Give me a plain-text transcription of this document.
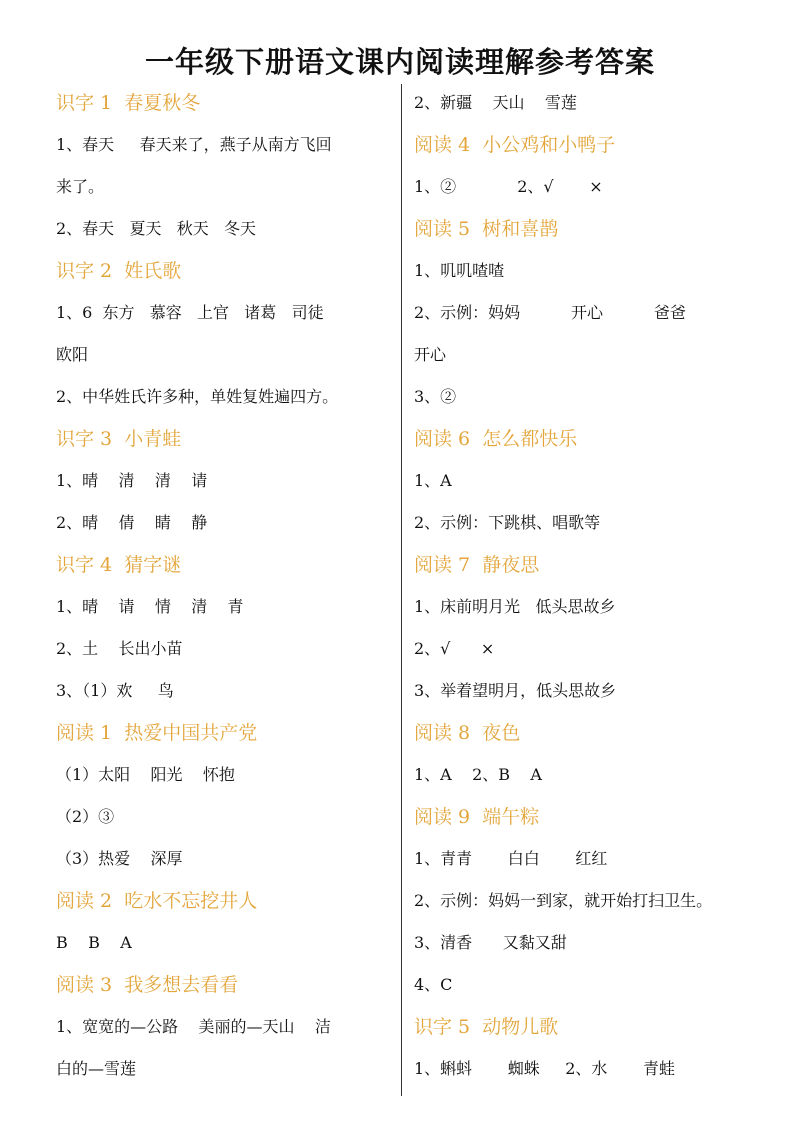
一年级下册语文课内阅读理解参考答案
识字 1  春夏秋冬
1、春天     春天来了，燕子从南方飞回
来了。
2、春天   夏天   秋天   冬天
识字 2  姓氏歌
1、6  东方   慕容   上官   诸葛   司徒
欧阳
2、中华姓氏许多种，单姓复姓遍四方。
识字 3  小青蛙
1、晴    清    清    请
2、晴    倩    睛    静
识字 4  猜字谜
1、晴    请    情    清    青
2、土    长出小苗
3、（1）欢     鸟
阅读 1  热爱中国共产党
（1）太阳    阳光    怀抱
（2）③
（3）热爱    深厚
阅读 2  吃水不忘挖井人
B    B    A
阅读 3  我多想去看看
1、宽宽的—公路    美丽的—天山    洁
白的—雪莲
2、新疆    天山    雪莲
阅读 4  小公鸡和小鸭子
1、②            2、√       ×
阅读 5  树和喜鹊
1、叽叽喳喳
2、示例：妈妈          开心          爸爸
开心
3、②
阅读 6  怎么都快乐
1、A
2、示例：下跳棋、唱歌等
阅读 7  静夜思
1、床前明月光   低头思故乡
2、√      ×
3、举着望明月，低头思故乡
阅读 8  夜色
1、A    2、B    A
阅读 9  端午粽
1、青青       白白       红红
2、示例：妈妈一到家，就开始打扫卫生。
3、清香      又黏又甜
4、C
识字 5  动物儿歌
1、蝌蚪       蜘蛛     2、水       青蛙
